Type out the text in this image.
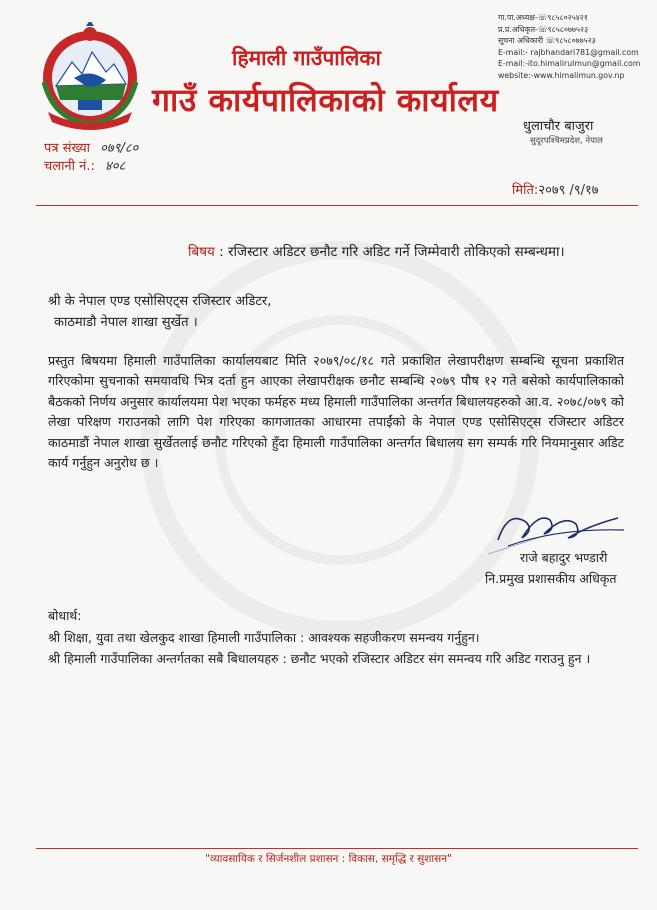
हिमाली गाउँपालिका
गाउँ कार्यपालिकाको कार्यालय
गा.पा.अध्यक्ष-☏९८५८०२५४२१
प्र.प्र.अधिकृत-☏९८५८०७७५२३
सूचना अधिकारी ☏९८५८०७७५२३
E-mail:- rajbhandari781@gmail.com
E-mail:-ito.himalirulmun@gmail.com
website:-www.himalimun.gov.np
धुलाचौर बाजुरा
सुदूरपश्चिमप्रदेश, नेपाल
पत्र संख्या ०७९/८०
चलानी नं.: ४०८
मिति:२०७९ /९/१७
बिषय : रजिस्टार अडिटर छनौट गरि अडिट गर्ने जिम्मेवारी तोकिएको सम्बन्धमा।
श्री के नेपाल एण्ड एसोसिएट्स रजिस्टार अडिटर,
काठमाडौ नेपाल शाखा सुर्खेत ।
प्रस्तुत बिषयमा हिमाली गाउँपालिका कार्यालयबाट मिति २०७९/०८/१८ गते प्रकाशित लेखापरीक्षण सम्बन्धि सूचना प्रकाशित गरिएकोमा सुचनाको समयावधि भित्र दर्ता हुन आएका लेखापरीक्षक छनौट सम्बन्धि २०७९ पौष १२ गते बसेको कार्यपालिकाको बैठकको निर्णय अनुसार कार्यालयमा पेश भएका फर्महरु मध्य हिमाली गाउँपालिका अन्तर्गत बिधालयहरुको आ.व. २०७८/०७९ को लेखा परिक्षण गराउनको लागि पेश गरिएका कागजातका आधारमा तपाईंको के नेपाल एण्ड एसोसिएट्स रजिस्टार अडिटर काठमाडौं नेपाल शाखा सुर्खेतलाई छनौट गरिएको हुँदा हिमाली गाउँपालिका अन्तर्गत बिधालय सग सम्पर्क गरि नियमानुसार अडिट कार्य गर्नुहुन अनुरोध छ ।
राजे बहादुर भण्डारी
नि.प्रमुख प्रशासकीय अधिकृत
बोधार्थ:
श्री शिक्षा, युवा तथा खेलकुद शाखा हिमाली गाउँपालिका : आवश्यक सहजीकरण समन्वय गर्नुहुन।
श्री हिमाली गाउँपालिका अन्तर्गतका सबै बिधालयहरु : छनौट भएको रजिस्टार अडिटर संग समन्वय गरि अडिट गराउनु हुन ।
"व्यावसायिक र सिर्जनशील प्रशासन : विकास, समृद्धि र सुशासन"
